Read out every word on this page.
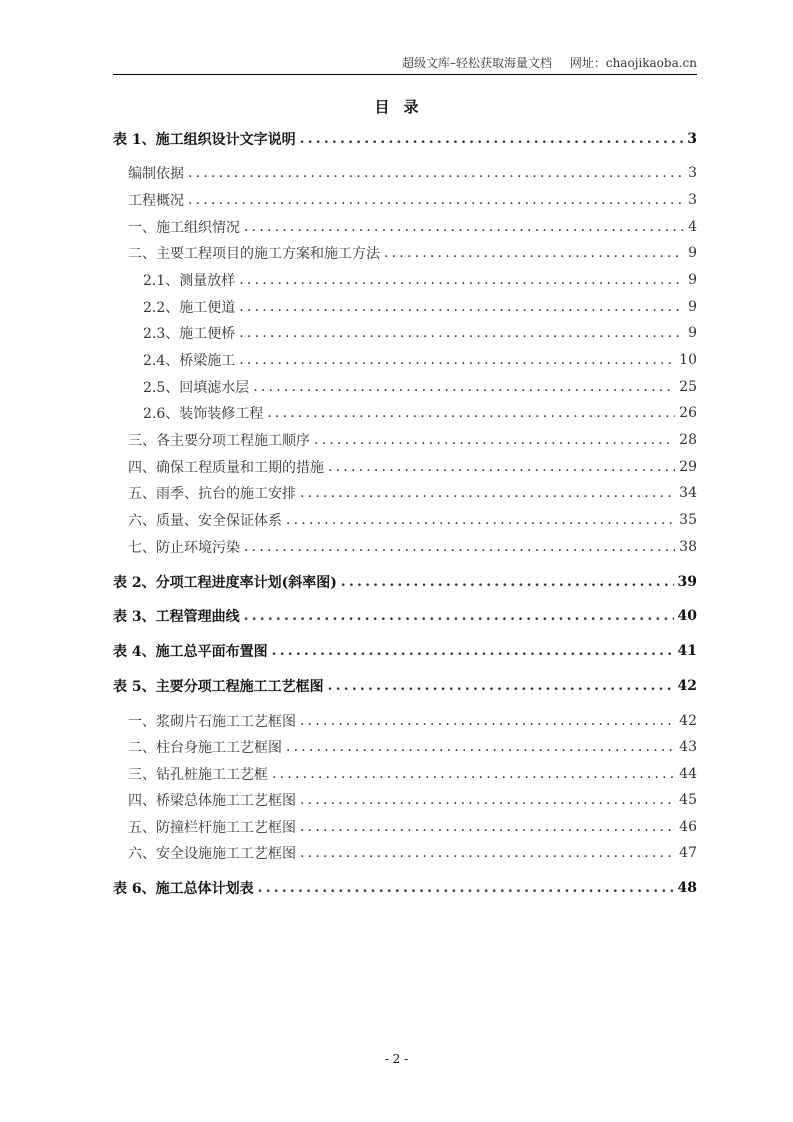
超级文库–轻松获取海量文档 网址：chaojikaoba.cn
目 录
表 1、施工组织设计文字说明 .....	3
编制依据 .....	3
工程概况 .....	3
一、施工组织情况 .....	4
二、主要工程项目的施工方案和施工方法 .....	9
2.1、测量放样 .....	9
2.2、施工便道 .....	9
2.3、施工便桥 .....	9
2.4、桥梁施工 .....	10
2.5、回填滤水层 .....	25
2.6、装饰装修工程 .....	26
三、各主要分项工程施工顺序 .....	28
四、确保工程质量和工期的措施 .....	29
五、雨季、抗台的施工安排 .....	34
六、质量、安全保证体系 .....	35
七、防止环境污染 .....	38
表 2、分项工程进度率计划(斜率图) .....	39
表 3、工程管理曲线 .....	40
表 4、施工总平面布置图 .....	41
表 5、主要分项工程施工工艺框图 .....	42
一、浆砌片石施工工艺框图 .....	42
二、柱台身施工工艺框图 .....	43
三、钻孔桩施工工艺框 .....	44
四、桥梁总体施工工艺框图 .....	45
五、防撞栏杆施工工艺框图 .....	46
六、安全设施施工工艺框图 .....	47
表 6、施工总体计划表 .....	48
- 2 -
